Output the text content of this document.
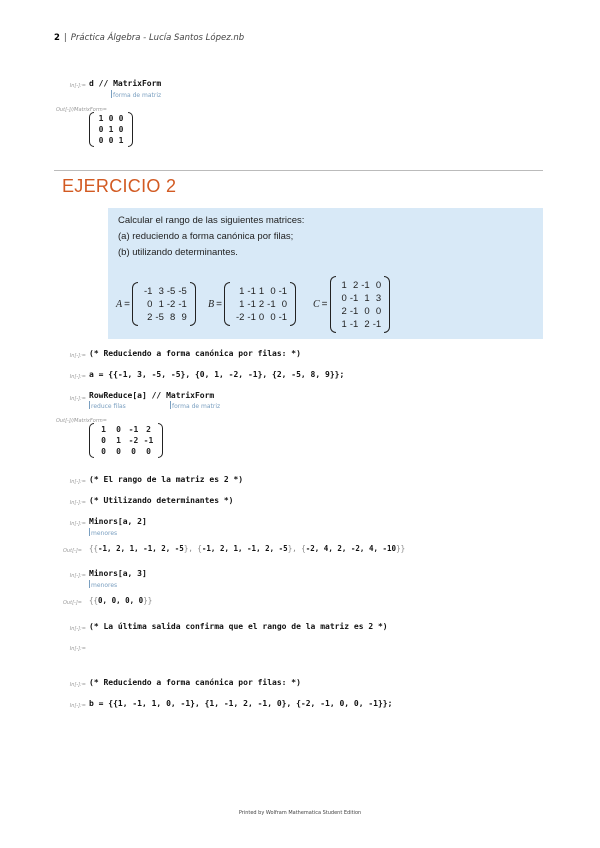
2 | Práctica Álgebra - Lucía Santos López.nb
In[-]:= d // MatrixForm
forma de matriz
Out[-]//MatrixForm=
1 0 0
0 1 0
0 0 1
EJERCICIO 2
Calcular el rango de las siguientes matrices:
(a) reduciendo a forma canónica por filas;
(b) utilizando determinantes.
A =
-1 3 -5 -5
0 1 -2 -1
2 -5 8 9
B =
1 -1 1 0 -1
1 -1 2 -1 0
-2 -1 0 0 -1
C =
1 2 -1 0
0 -1 1 3
2 -1 0 0
1 -1 2 -1
In[-]:= (* Reduciendo a forma canónica por filas: *)
In[-]:= a = {{-1, 3, -5, -5}, {0, 1, -2, -1}, {2, -5, 8, 9}};
In[-]:= RowReduce[a] // MatrixForm
reduce filas	forma de matriz
Out[-]//MatrixForm=
1	0 -1 2
0	1 -2 -1
0	0	0	0
In[-]:= (* El rango de la matriz es 2 *)
In[-]:= (* Utilizando determinantes *)
In[-]:= Minors[a, 2]
menores
Out[-]= {{-1, 2, 1, -1, 2, -5}, {-1, 2, 1, -1, 2, -5}, {-2, 4, 2, -2, 4, -10}}
In[-]:= Minors[a, 3]
menores
Out[-]= {{0, 0, 0, 0}}
In[-]:= (* La última salida confirma que el rango de la matriz es 2 *)
In[-]:=
In[-]:= (* Reduciendo a forma canónica por filas: *)
In[-]:= b = {{1, -1, 1, 0, -1}, {1, -1, 2, -1, 0}, {-2, -1, 0, 0, -1}};
Printed by Wolfram Mathematica Student Edition
